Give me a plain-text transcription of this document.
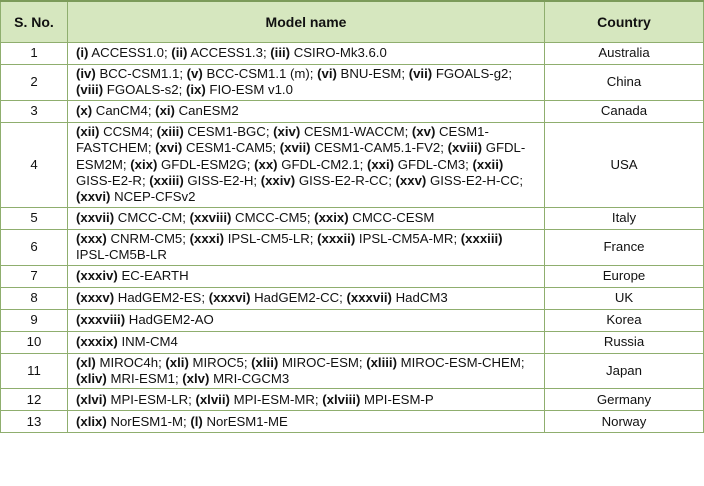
S. No.	Model name	Country
1	(i) ACCESS1.0; (ii) ACCESS1.3; (iii) CSIRO-Mk3.6.0	Australia
2	(iv) BCC-CSM1.1; (v) BCC-CSM1.1 (m); (vi) BNU-ESM; (vii) FGOALS-g2; (viii) FGOALS-s2; (ix) FIO-ESM v1.0	China
3	(x) CanCM4; (xi) CanESM2	Canada
4	(xii) CCSM4; (xiii) CESM1-BGC; (xiv) CESM1-WACCM; (xv) CESM1-FASTCHEM; (xvi) CESM1-CAM5; (xvii) CESM1-CAM5.1-FV2; (xviii) GFDL-ESM2M; (xix) GFDL-ESM2G; (xx) GFDL-CM2.1; (xxi) GFDL-CM3; (xxii) GISS-E2-R; (xxiii) GISS-E2-H; (xxiv) GISS-E2-R-CC; (xxv) GISS-E2-H-CC; (xxvi) NCEP-CFSv2	USA
5	(xxvii) CMCC-CM; (xxviii) CMCC-CM5; (xxix) CMCC-CESM	Italy
6	(xxx) CNRM-CM5; (xxxi) IPSL-CM5-LR; (xxxii) IPSL-CM5A-MR; (xxxiii) IPSL-CM5B-LR	France
7	(xxxiv) EC-EARTH	Europe
8	(xxxv) HadGEM2-ES; (xxxvi) HadGEM2-CC; (xxxvii) HadCM3	UK
9	(xxxviii) HadGEM2-AO	Korea
10	(xxxix) INM-CM4	Russia
11	(xl) MIROC4h; (xli) MIROC5; (xlii) MIROC-ESM; (xliii) MIROC-ESM-CHEM; (xliv) MRI-ESM1; (xlv) MRI-CGCM3	Japan
12	(xlvi) MPI-ESM-LR; (xlvii) MPI-ESM-MR; (xlviii) MPI-ESM-P	Germany
13	(xlix) NorESM1-M; (l) NorESM1-ME	Norway
